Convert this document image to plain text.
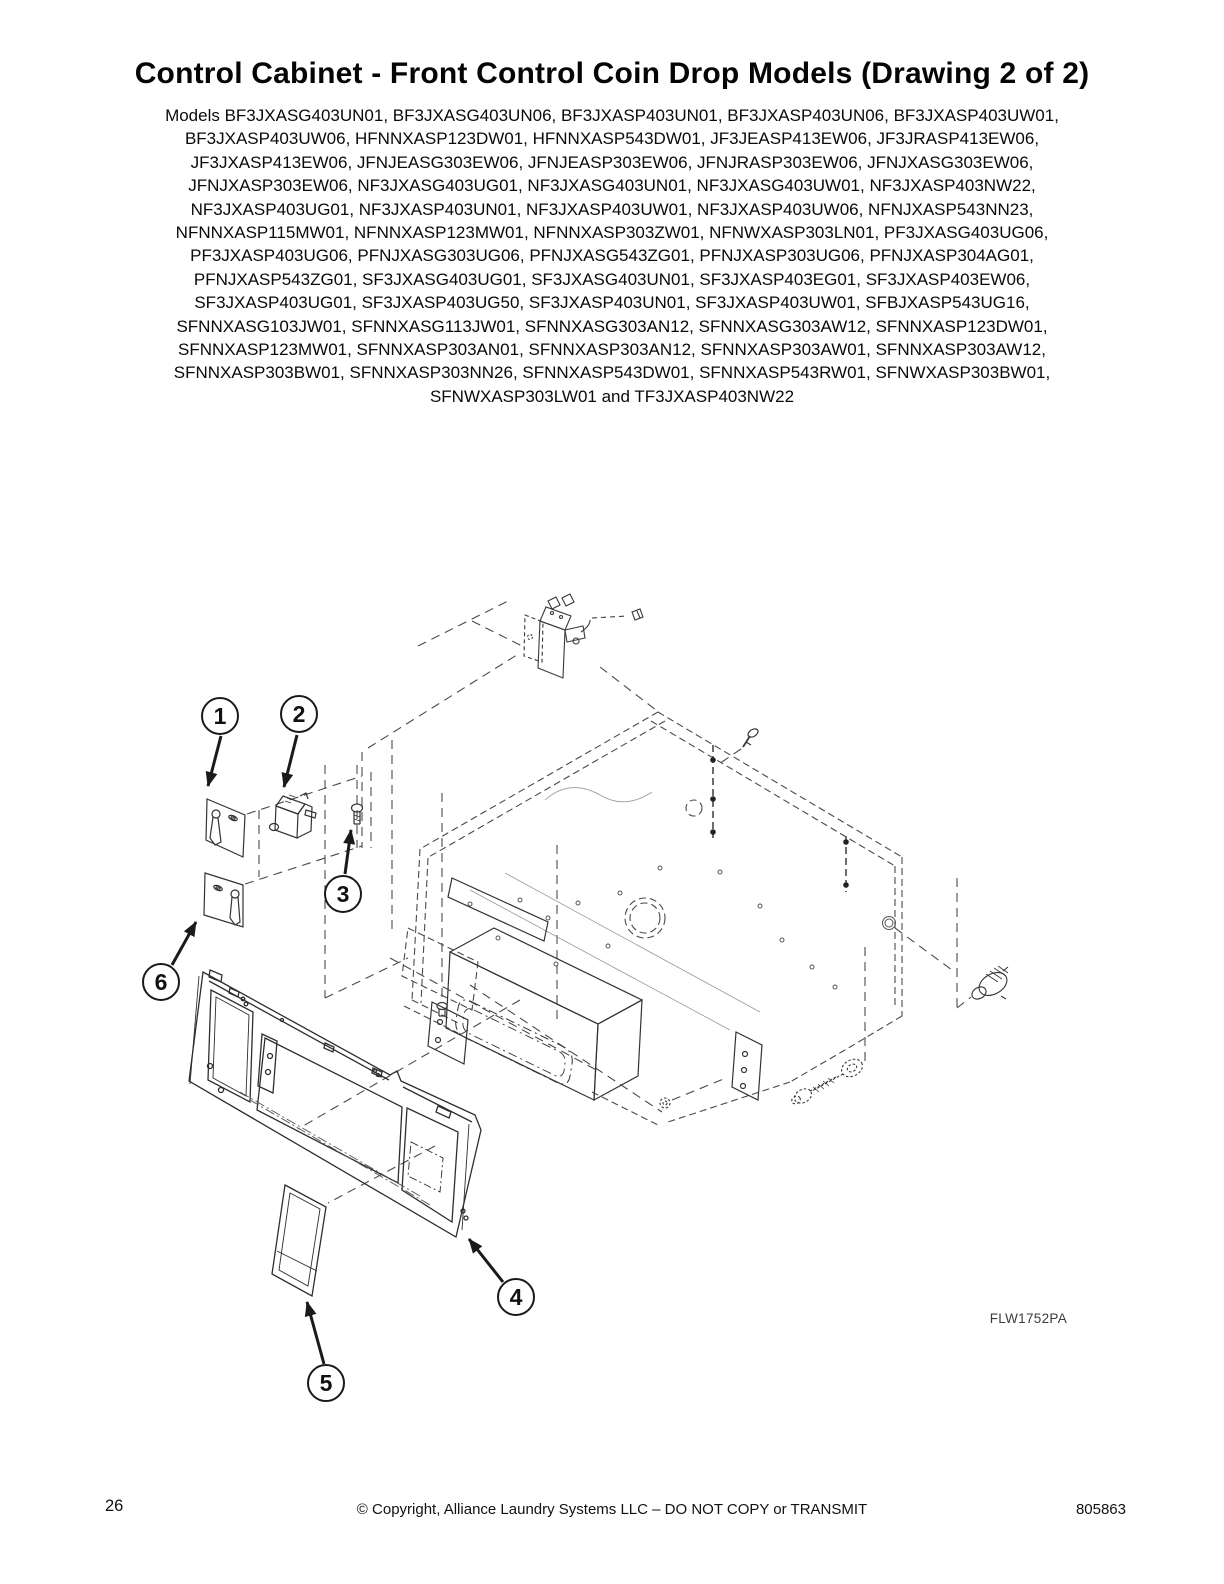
Control Cabinet - Front Control Coin Drop Models (Drawing 2 of 2)
Models BF3JXASG403UN01, BF3JXASG403UN06, BF3JXASP403UN01, BF3JXASP403UN06, BF3JXASP403UW01, BF3JXASP403UW06, HFNNXASP123DW01, HFNNXASP543DW01, JF3JEASP413EW06, JF3JRASP413EW06, JF3JXASP413EW06, JFNJEASG303EW06, JFNJEASP303EW06, JFNJRASP303EW06, JFNJXASG303EW06, JFNJXASP303EW06, NF3JXASG403UG01, NF3JXASG403UN01, NF3JXASG403UW01, NF3JXASP403NW22, NF3JXASP403UG01, NF3JXASP403UN01, NF3JXASP403UW01, NF3JXASP403UW06, NFNJXASP543NN23, NFNNXASP115MW01, NFNNXASP123MW01, NFNNXASP303ZW01, NFNWXASP303LN01, PF3JXASG403UG06, PF3JXASP403UG06, PFNJXASG303UG06, PFNJXASG543ZG01, PFNJXASP303UG06, PFNJXASP304AG01, PFNJXASP543ZG01, SF3JXASG403UG01, SF3JXASG403UN01, SF3JXASP403EG01, SF3JXASP403EW06, SF3JXASP403UG01, SF3JXASP403UG50, SF3JXASP403UN01, SF3JXASP403UW01, SFBJXASP543UG16, SFNNXASG103JW01, SFNNXASG113JW01, SFNNXASG303AN12, SFNNXASG303AW12, SFNNXASP123DW01, SFNNXASP123MW01, SFNNXASP303AN01, SFNNXASP303AN12, SFNNXASP303AW01, SFNNXASP303AW12, SFNNXASP303BW01, SFNNXASP303NN26, SFNNXASP543DW01, SFNNXASP543RW01, SFNWXASP303BW01, SFNWXASP303LW01 and TF3JXASP403NW22
1	2
3
4
5
6
FLW1752PA
26	© Copyright, Alliance Laundry Systems LLC – DO NOT COPY or TRANSMIT	805863
